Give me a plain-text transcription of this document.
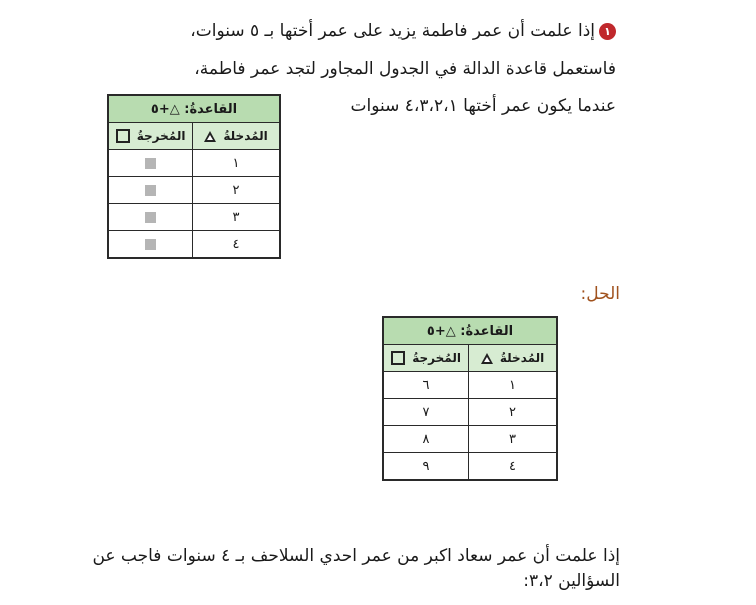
١إذا علمت أن عمر فاطمة يزيد على عمر أختها بـ ٥ سنوات،
فاستعمل قاعدة الدالة في الجدول المجاور لتجد عمر فاطمة،
عندما يكون عمر أختها ٤،٣،٢،١ سنوات
القاعدةُ: △+٥	
المُدخلةُ	المُخرجةُ
١	
٢	
٣	
٤	
الحل:
القاعدةُ: △+٥	
المُدخلةُ	المُخرجةُ
١	٦
٢	٧
٣	٨
٤	٩
إذا علمت أن عمر سعاد اكبر من عمر احدي السلاحف بـ ٤ سنوات فاجب عن
السؤالين ٣،٢:
